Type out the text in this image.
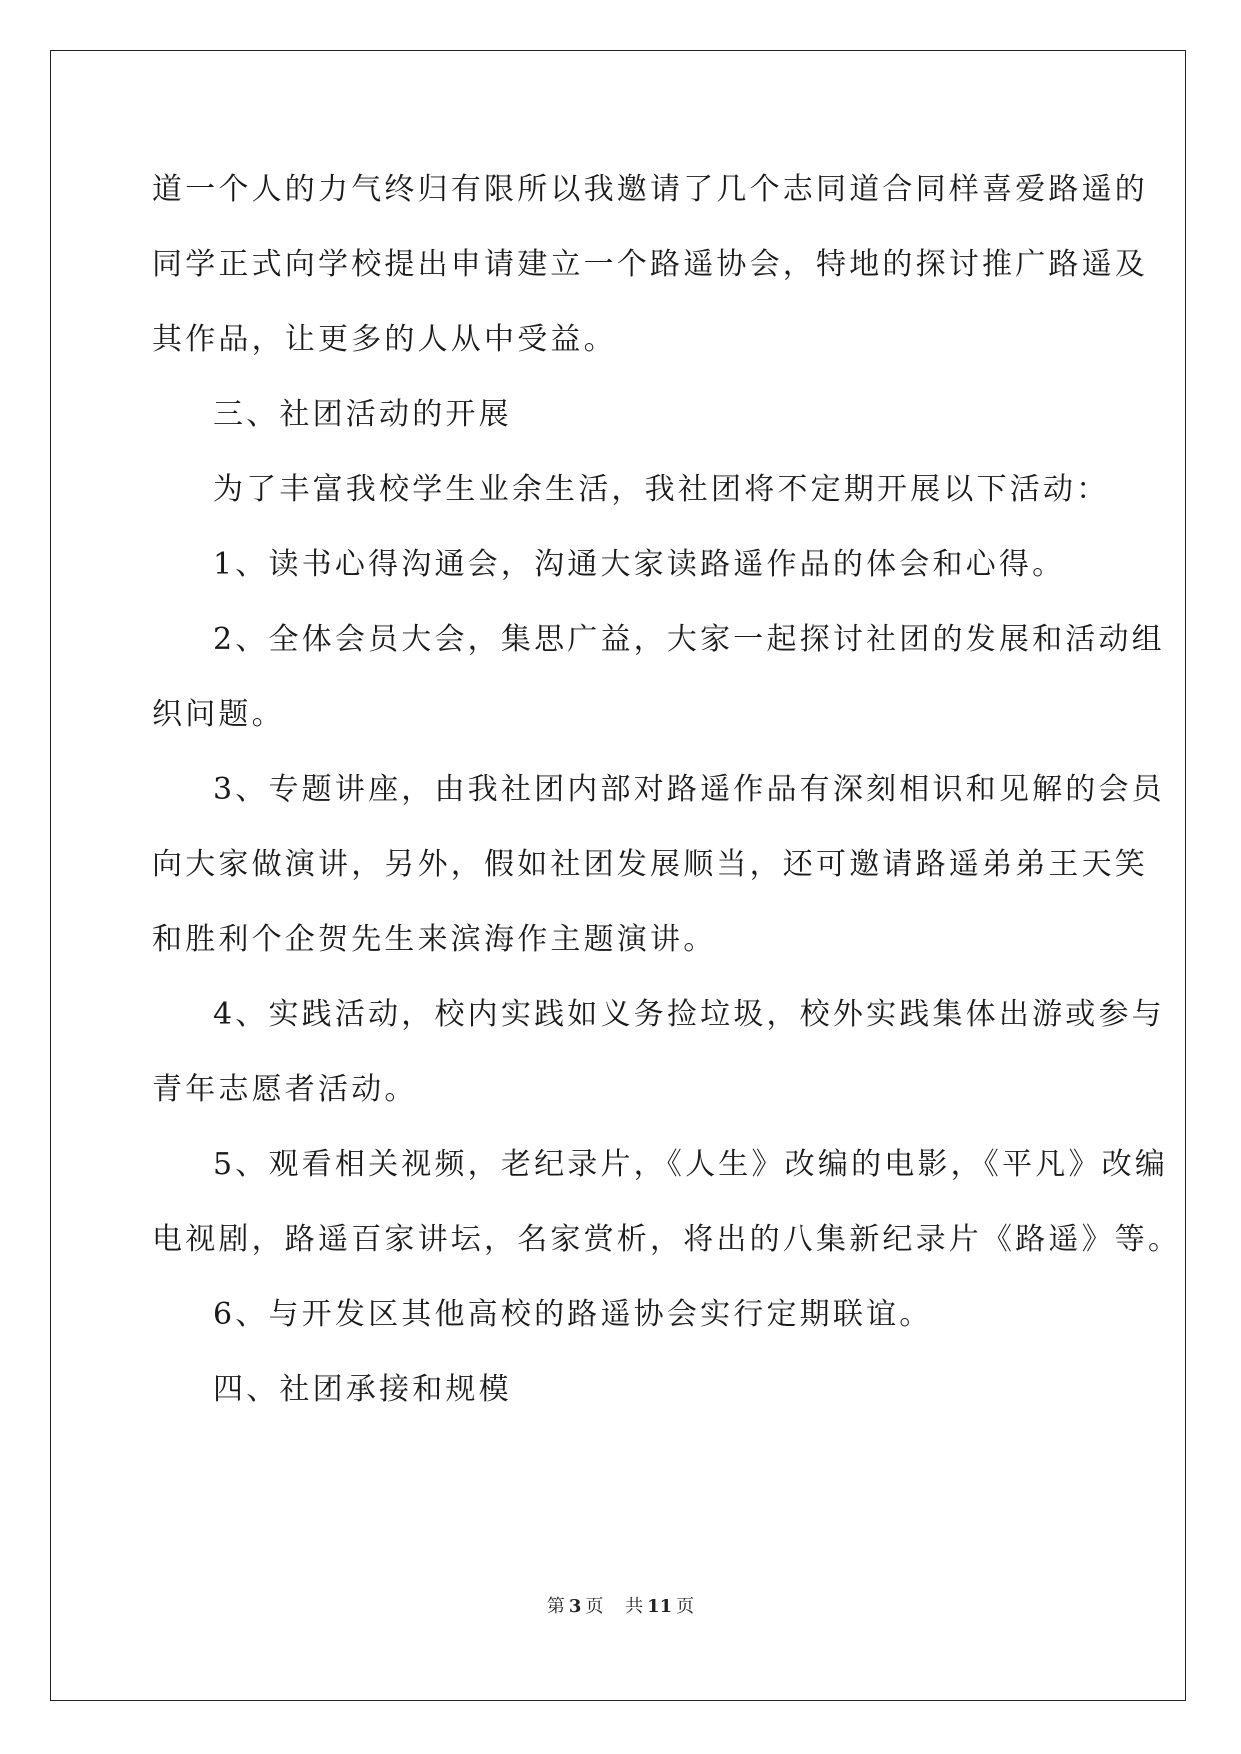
道一个人的力气终归有限所以我邀请了几个志同道合同样喜爱路遥的
同学正式向学校提出申请建立一个路遥协会，特地的探讨推广路遥及
其作品，让更多的人从中受益。
三、社团活动的开展
为了丰富我校学生业余生活，我社团将不定期开展以下活动：
1、读书心得沟通会，沟通大家读路遥作品的体会和心得。
2、全体会员大会，集思广益，大家一起探讨社团的发展和活动组
织问题。
3、专题讲座，由我社团内部对路遥作品有深刻相识和见解的会员
向大家做演讲，另外，假如社团发展顺当，还可邀请路遥弟弟王天笑
和胜利个企贺先生来滨海作主题演讲。
4、实践活动，校内实践如义务捡垃圾，校外实践集体出游或参与
青年志愿者活动。
5、观看相关视频，老纪录片，《人生》改编的电影，《平凡》改编
电视剧，路遥百家讲坛，名家赏析，将出的八集新纪录片《路遥》等。
6、与开发区其他高校的路遥协会实行定期联谊。
四、社团承接和规模
第 3 页 共 11 页
